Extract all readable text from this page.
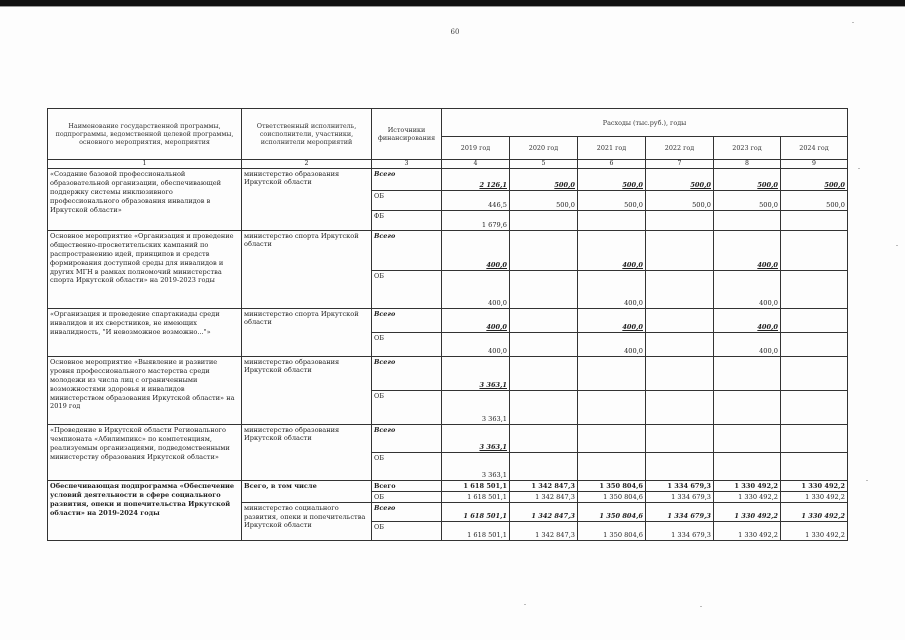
60
Наименование государственной программы, подпрограммы, ведомственной целевой программы, основного мероприятия, мероприятия	Ответственный исполнитель, соисполнители, участники, исполнители мероприятий	Источники финансирования	Расходы (тыс.руб.), годы					
			2019 год	2020 год	2021 год	2022 год	2023 год	2024 год
1	2	3	4	5	6	7	8	9
«Создание базовой профессиональной образовательной организации, обеспечивающей поддержку системы инклюзивного профессионального образования инвалидов в Иркутской области»	министерство образования Иркутской области	Всего	2 126,1	500,0	500,0	500,0	500,0	500,0
		ОБ	446,5	500,0	500,0	500,0	500,0	500,0
		ФБ	1 679,6					
Основное мероприятие «Организация и проведение общественно-просветительских кампаний по распространению идей, принципов и средств формирования доступной среды для инвалидов и других МГН в рамках полномочий министерства спорта Иркутской области» на 2019-2023 годы	министерство спорта Иркутской области	Всего	400,0		400,0		400,0	
		ОБ	400,0		400,0		400,0	
«Организация и проведение спартакиады среди инвалидов и их сверстников, не имеющих инвалидность, "И невозможное возможно..."»	министерство спорта Иркутской области	Всего	400,0		400,0		400,0	
		ОБ	400,0		400,0		400,0	
Основное мероприятие «Выявление и развитие уровня профессионального мастерства среди молодежи из числа лиц с ограниченными возможностями здоровья и инвалидов министерством образования Иркутской области» на 2019 год	министерство образования Иркутской области	Всего	3 363,1					
		ОБ	3 363,1					
«Проведение в Иркутской области Регионального чемпионата «Абилимпикс» по компетенциям, реализуемым организациями, подведомственными министерству образования Иркутской области»	министерство образования Иркутской области	Всего	3 363,1					
		ОБ	3 363,1					
Обеспечивающая подпрограмма «Обеспечение условий деятельности в сфере социального развития, опеки и попечительства Иркутской области» на 2019-2024 годы	Всего, в том числе	Всего	1 618 501,1	1 342 847,3	1 350 804,6	1 334 679,3	1 330 492,2	1 330 492,2
		ОБ	1 618 501,1	1 342 847,3	1 350 804,6	1 334 679,3	1 330 492,2	1 330 492,2
	министерство социального развития, опеки и попечительства Иркутской области	Всего	1 618 501,1	1 342 847,3	1 350 804,6	1 334 679,3	1 330 492,2	1 330 492,2
		ОБ	1 618 501,1	1 342 847,3	1 350 804,6	1 334 679,3	1 330 492,2	1 330 492,2
